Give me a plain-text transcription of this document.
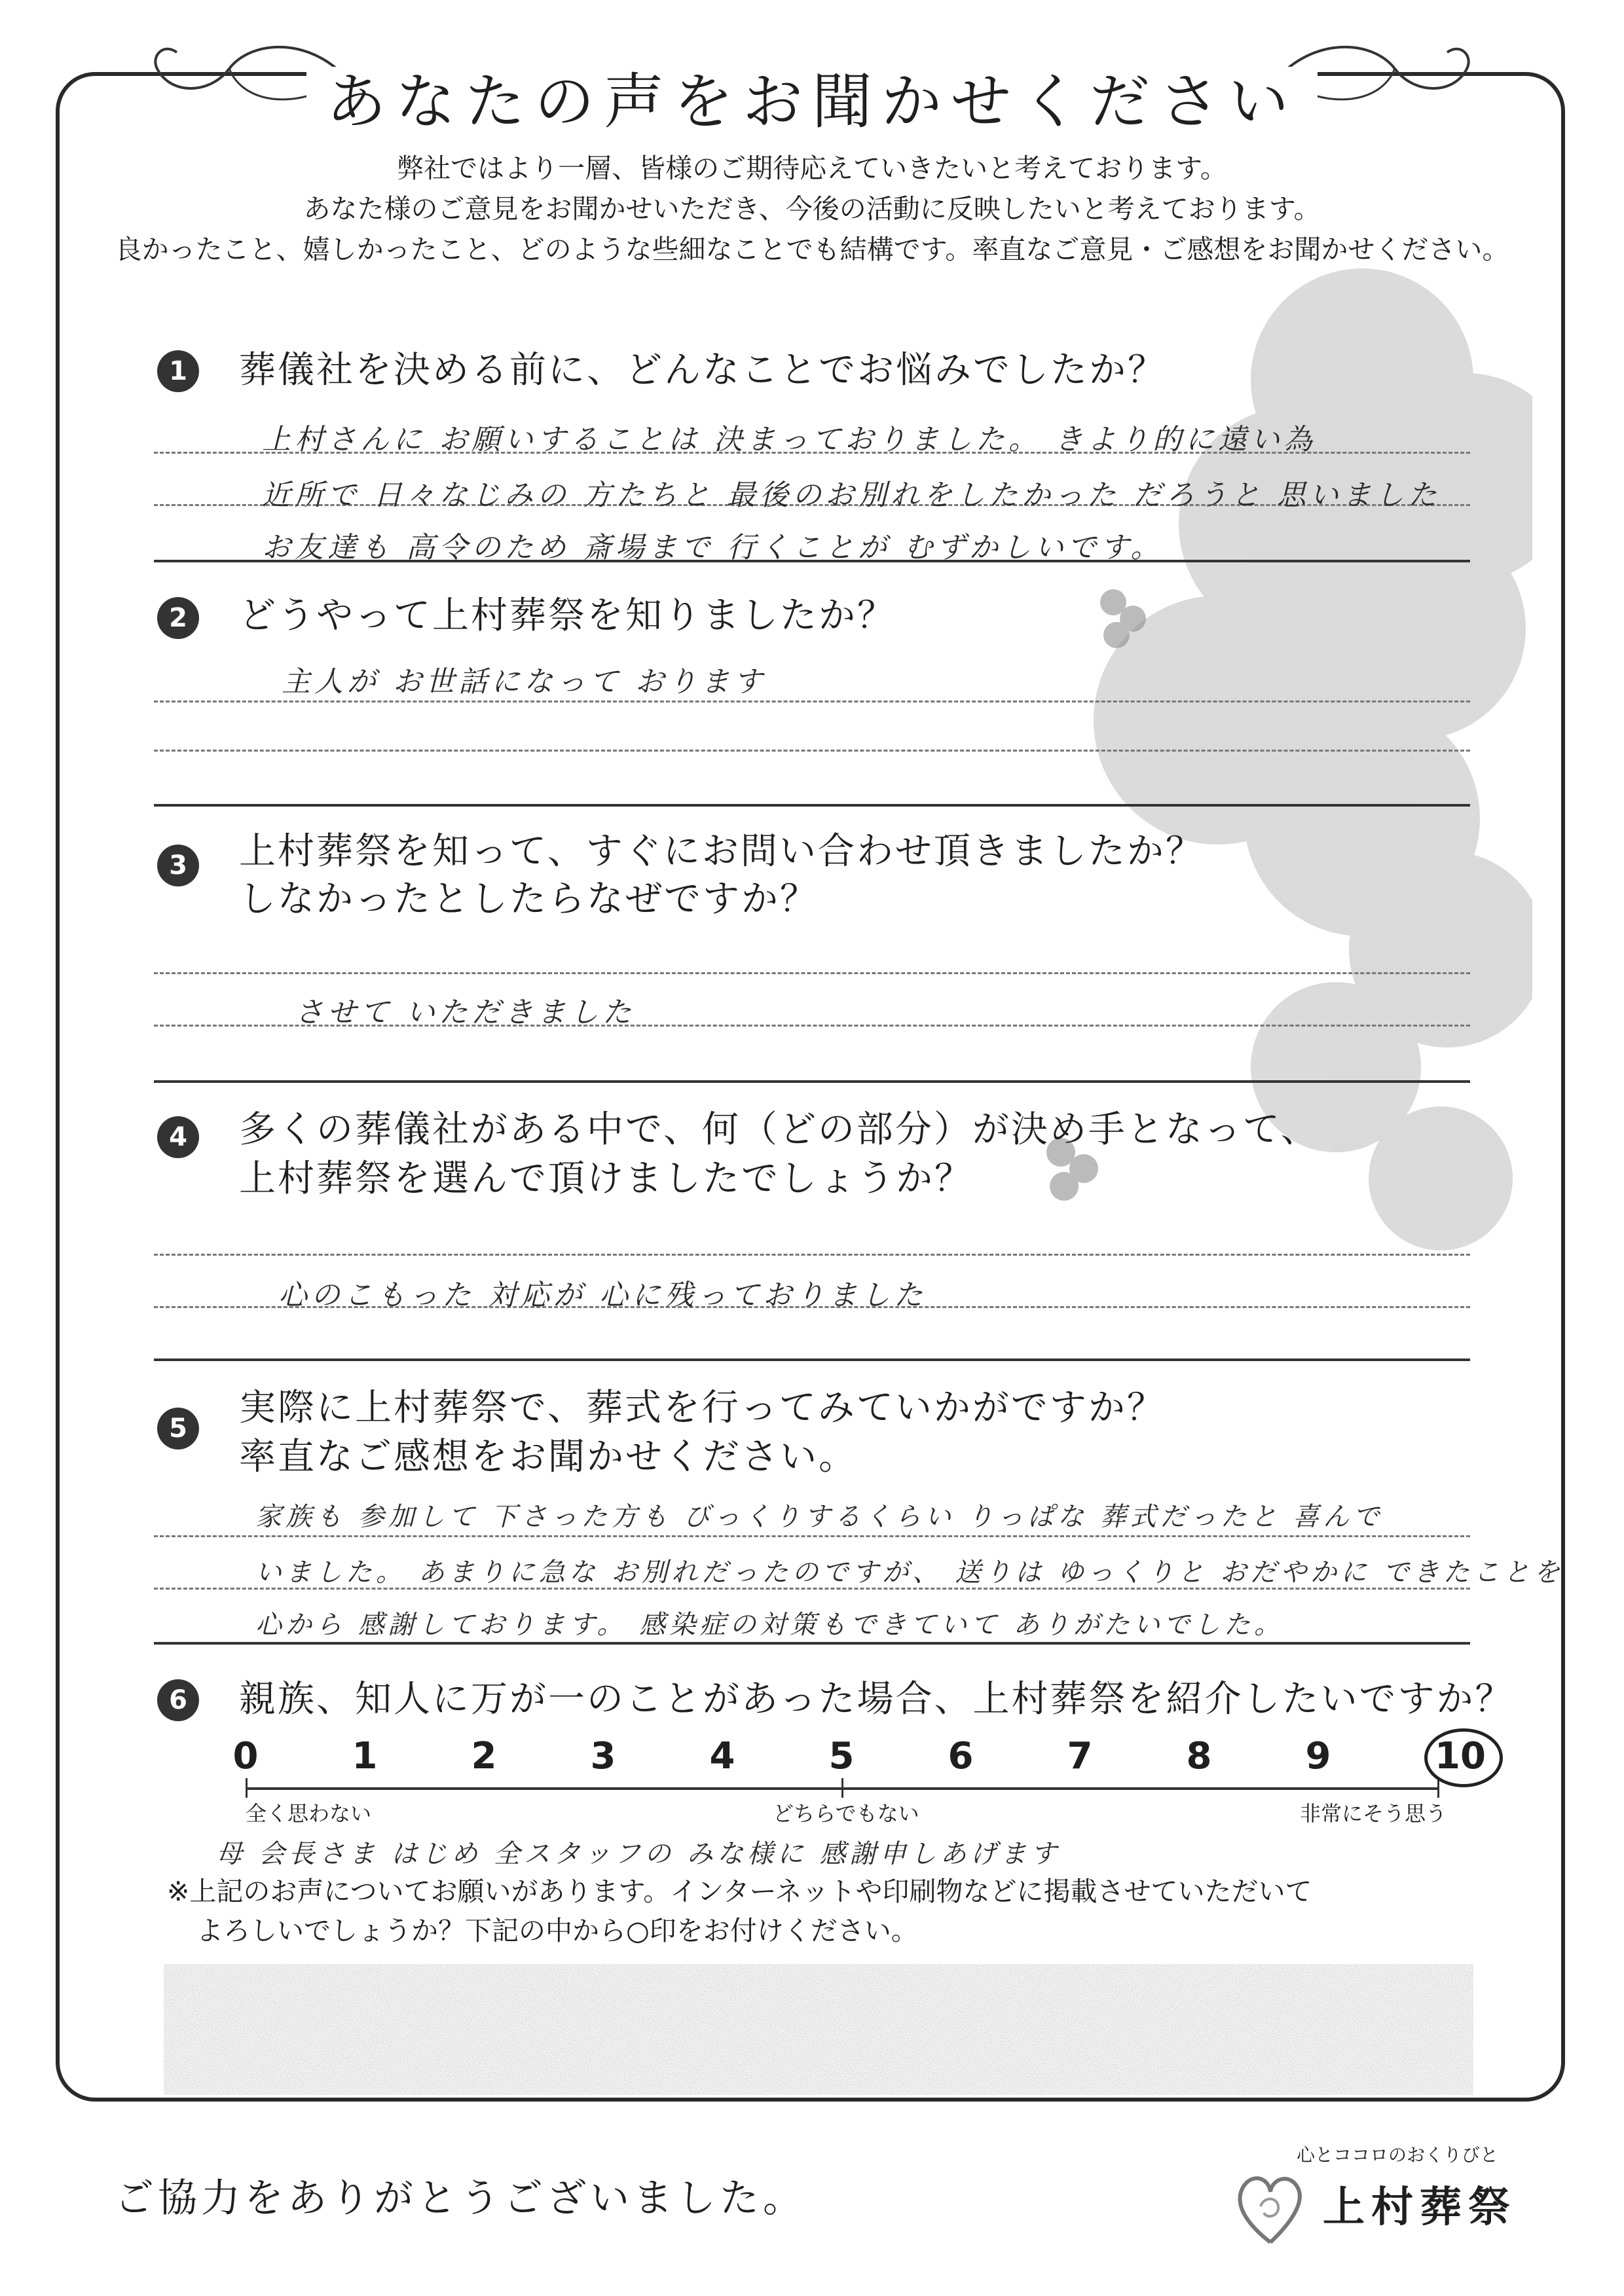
あなたの声をお聞かせください
弊社ではより一層、皆様のご期待応えていきたいと考えております。
あなた様のご意見をお聞かせいただき、今後の活動に反映したいと考えております。
良かったこと、嬉しかったこと、どのような些細なことでも結構です。率直なご意見・ご感想をお聞かせください。
1	葬儀社を決める前に、どんなことでお悩みでしたか？
上村さんに お願いすることは 決まっておりました。 きより的に遠い為
近所で 日々なじみの 方たちと 最後のお別れをしたかった だろうと 思いました
お友達も 高令のため 斎場まで 行くことが むずかしいです。
2	どうやって上村葬祭を知りましたか？
主人が お世話になって おります
3	上村葬祭を知って、すぐにお問い合わせ頂きましたか？
しなかったとしたらなぜですか？
させて いただきました
4	多くの葬儀社がある中で、何（どの部分）が決め手となって、
上村葬祭を選んで頂けましたでしょうか？
心のこもった 対応が 心に残っておりました
5	実際に上村葬祭で、葬式を行ってみていかがですか？
率直なご感想をお聞かせください。
家族も 参加して 下さった方も びっくりするくらい りっぱな 葬式だったと 喜んで
いました。 あまりに急な お別れだったのですが、 送りは ゆっくりと おだやかに できたことを
心から 感謝しております。 感染症の対策もできていて ありがたいでした。
6	親族、知人に万が一のことがあった場合、上村葬祭を紹介したいですか？
0	1	2	3	4	5	6	7	8	9	10
全く思わない	どちらでもない	非常にそう思う
母 会長さま はじめ 全スタッフの みな様に 感謝申しあげます
※上記のお声についてお願いがあります。インターネットや印刷物などに掲載させていただいて
よろしいでしょうか？下記の中から○印をお付けください。
ご協力をありがとうございました。
心とココロのおくりびと
上村葬祭
